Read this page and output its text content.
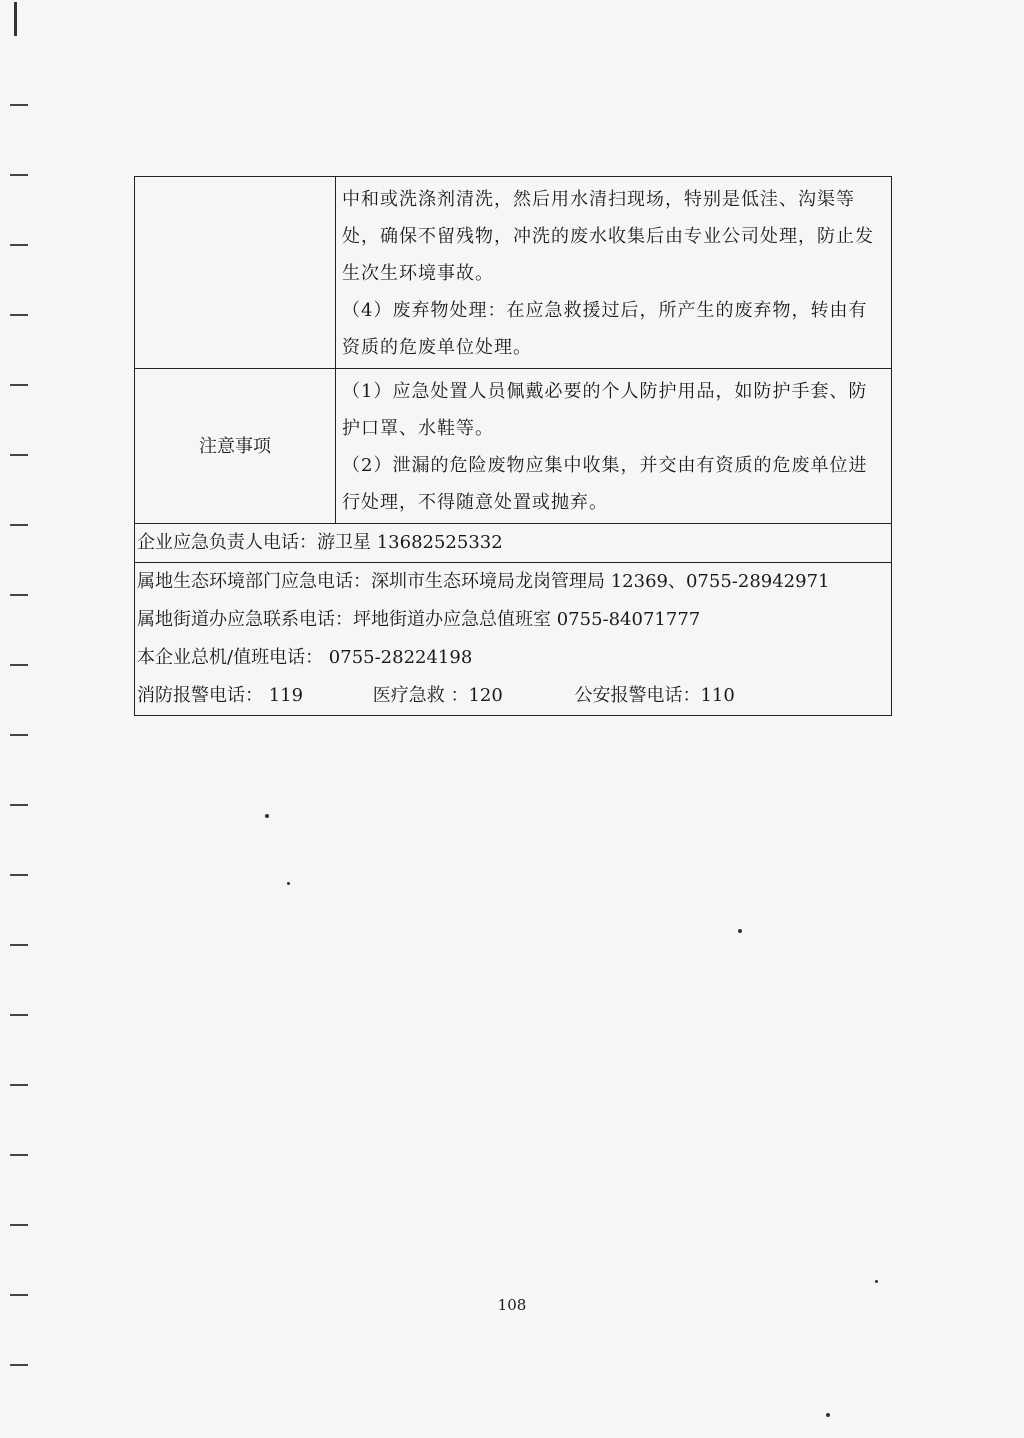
	中和或洗涤剂清洗，然后用水清扫现场，特别是低洼、沟渠等处，确保不留残物，冲洗的废水收集后由专业公司处理，防止发生次生环境事故。

（4）废弃物处理：在应急救援过后，所产生的废弃物，转由有资质的危废单位处理。

注意事项	（1）应急处置人员佩戴必要的个人防护用品，如防护手套、防护口罩、水鞋等。

（2）泄漏的危险废物应集中收集，并交由有资质的危废单位进行处理，不得随意处置或抛弃。

企业应急负责人电话：游卫星 13682525332	

属地生态环境部门应急电话：深圳市生态环境局龙岗管理局 12369、0755-28942971

属地街道办应急联系电话：坪地街道办应急总值班室 0755-84071777

本企业总机/值班电话： 0755-28224198

消防报警电话： 119 医疗急救 ：120 公安报警电话：110	

108
